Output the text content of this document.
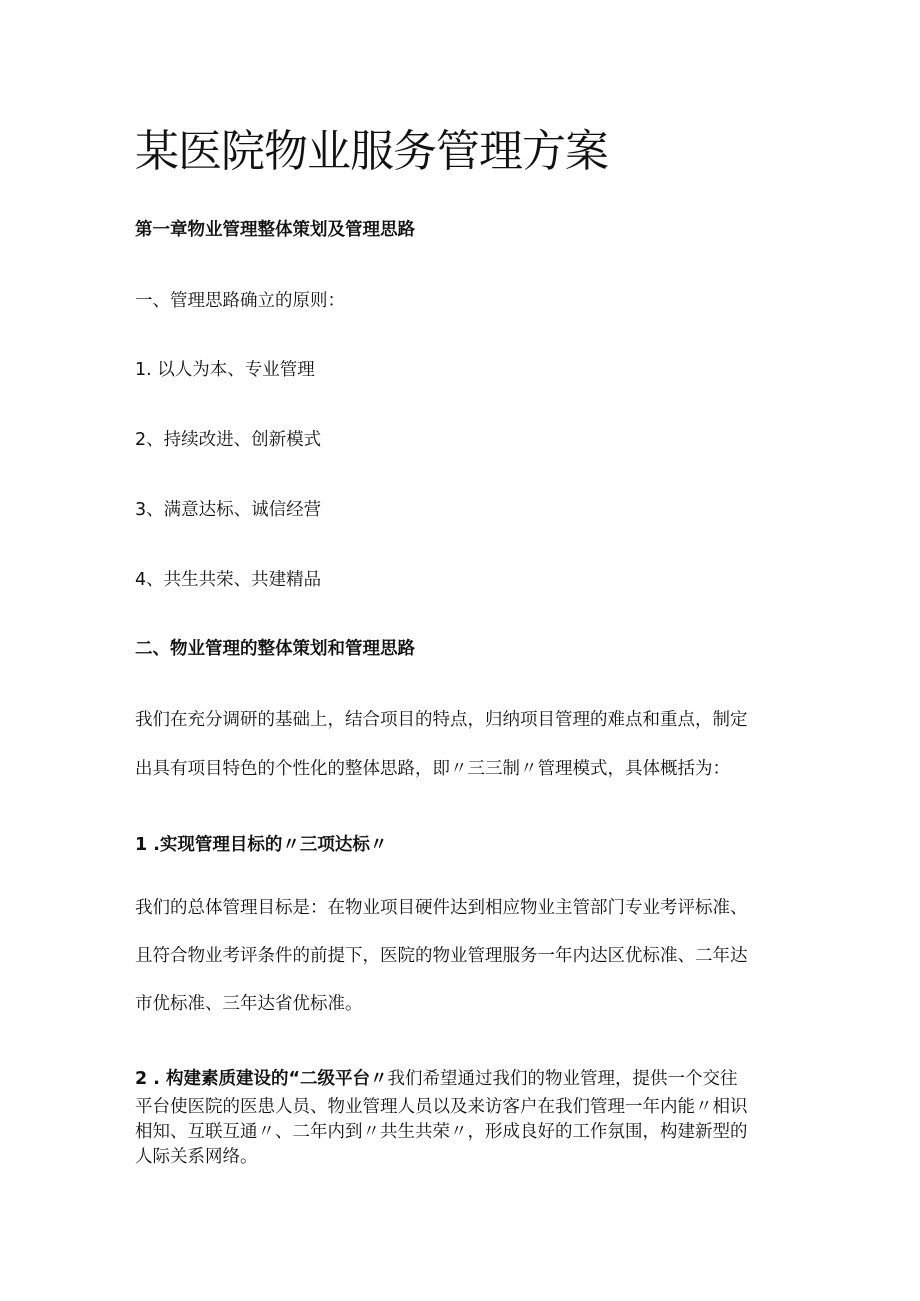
某医院物业服务管理方案

第一章物业管理整体策划及管理思路

一、管理思路确立的原则：

1. 以人为本、专业管理

2、持续改进、创新模式

3、满意达标、诚信经营

4、共生共荣、共建精品

二、物业管理的整体策划和管理思路

我们在充分调研的基础上，结合项目的特点，归纳项目管理的难点和重点，制定

出具有项目特色的个性化的整体思路，即〃三三制〃管理模式，具体概括为：

1 .实现管理目标的〃三项达标〃

我们的总体管理目标是：在物业项目硬件达到相应物业主管部门专业考评标准、

且符合物业考评条件的前提下，医院的物业管理服务一年内达区优标准、二年达

市优标准、三年达省优标准。

2 . 构建素质建设的“二级平台〃我们希望通过我们的物业管理，提供一个交往

平台使医院的医患人员、物业管理人员以及来访客户在我们管理一年内能〃相识

相知、互联互通〃、二年内到〃共生共荣〃，形成良好的工作氛围，构建新型的

人际关系网络。
